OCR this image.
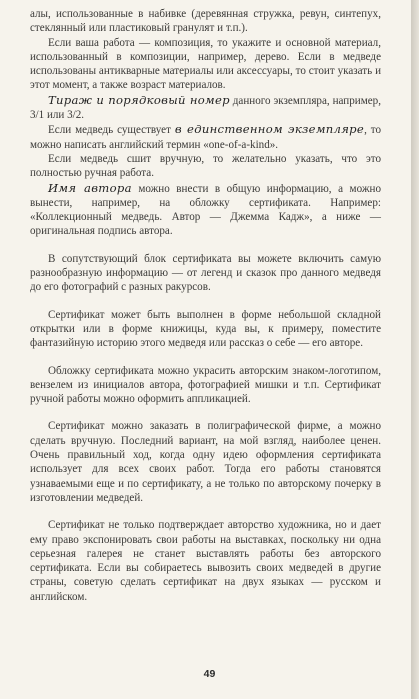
алы, использованные в набивке (деревянная стружка, ревун, синтепух, стеклянный или пластиковый гранулят и т.п.).

Если ваша работа — композиция, то укажите и основной материал, использованный в композиции, например, дерево. Если в медведе использованы антикварные материалы или аксессуары, то стоит указать и этот момент, а также возраст материалов.

Тираж и порядковый номер данного экземпляра, например, 3/1 или 3/2.

Если медведь существует в единственном экземпляре, то можно написать английский термин «one-of-a-kind».

Если медведь сшит вручную, то желательно указать, что это полностью ручная работа.

Имя автора можно внести в общую информацию, а можно вынести, например, на обложку сертификата. Например: «Коллекционный медведь. Автор — Джемма Кадж», а ниже — оригинальная подпись автора.

В сопутствующий блок сертификата вы можете включить самую разнообразную информацию — от легенд и сказок про данного медведя до его фотографий с разных ракурсов.

Сертификат может быть выполнен в форме небольшой складной открытки или в форме книжицы, куда вы, к примеру, поместите фантазийную историю этого медведя или рассказ о себе — его авторе.

Обложку сертификата можно украсить авторским знаком-логотипом, вензелем из инициалов автора, фотографией мишки и т.п. Сертификат ручной работы можно оформить аппликацией.

Сертификат можно заказать в полиграфической фирме, а можно сделать вручную. Последний вариант, на мой взгляд, наиболее ценен. Очень правильный ход, когда одну идею оформления сертификата использует для всех своих работ. Тогда его работы становятся узнаваемыми еще и по сертификату, а не только по авторскому почерку в изготовлении медведей.

Сертификат не только подтверждает авторство художника, но и дает ему право экспонировать свои работы на выставках, поскольку ни одна серьезная галерея не станет выставлять работы без авторского сертификата. Если вы собираетесь вывозить своих медведей в другие страны, советую сделать сертификат на двух языках — русском и английском.

49
